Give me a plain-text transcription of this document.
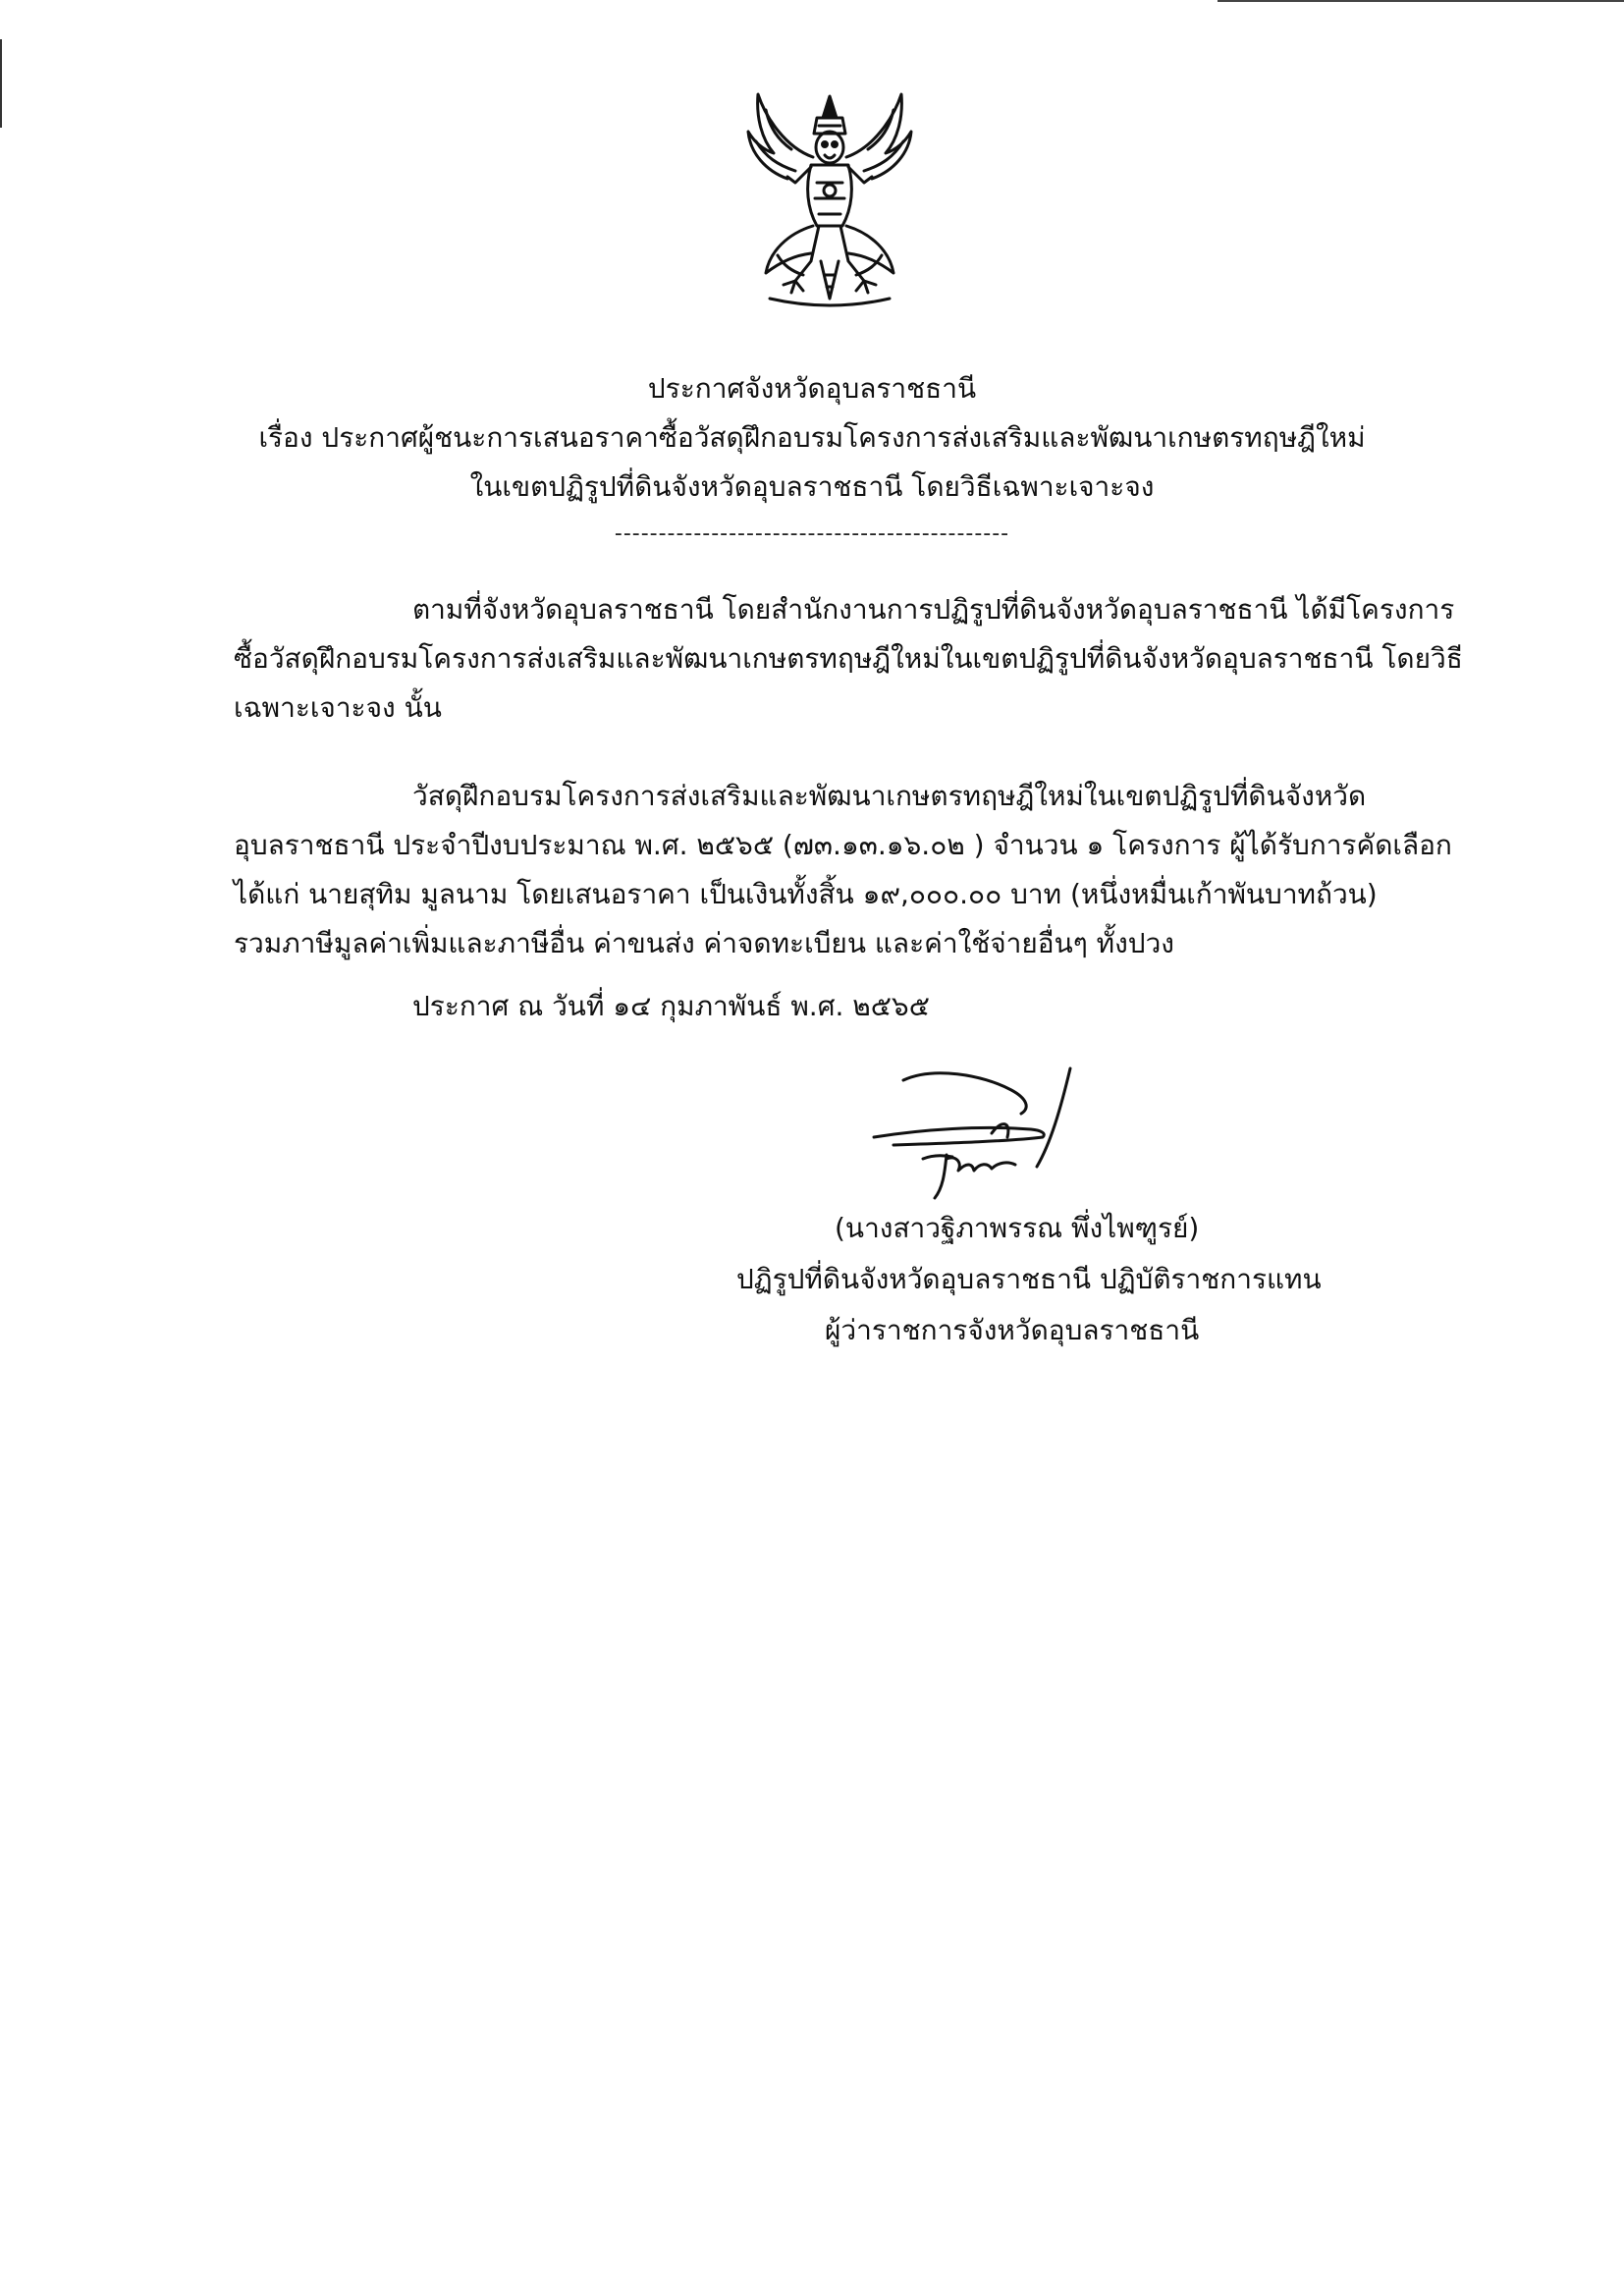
ประกาศจังหวัดอุบลราชธานี
เรื่อง ประกาศผู้ชนะการเสนอราคาซื้อวัสดุฝึกอบรมโครงการส่งเสริมและพัฒนาเกษตรทฤษฎีใหม่
ในเขตปฏิรูปที่ดินจังหวัดอุบลราชธานี โดยวิธีเฉพาะเจาะจง
---------------------------------------------
ตามที่จังหวัดอุบลราชธานี โดยสำนักงานการปฏิรูปที่ดินจังหวัดอุบลราชธานี ได้มีโครงการ
ซื้อวัสดุฝึกอบรมโครงการส่งเสริมและพัฒนาเกษตรทฤษฎีใหม่ในเขตปฏิรูปที่ดินจังหวัดอุบลราชธานี โดยวิธี
เฉพาะเจาะจง นั้น
วัสดุฝึกอบรมโครงการส่งเสริมและพัฒนาเกษตรทฤษฎีใหม่ในเขตปฏิรูปที่ดินจังหวัด
อุบลราชธานี ประจำปีงบประมาณ พ.ศ. ๒๕๖๕ (๗๓.๑๓.๑๖.๐๒ ) จำนวน ๑ โครงการ ผู้ได้รับการคัดเลือก
ได้แก่ นายสุทิม มูลนาม โดยเสนอราคา เป็นเงินทั้งสิ้น ๑๙,๐๐๐.๐๐ บาท (หนึ่งหมื่นเก้าพันบาทถ้วน)
รวมภาษีมูลค่าเพิ่มและภาษีอื่น ค่าขนส่ง ค่าจดทะเบียน และค่าใช้จ่ายอื่นๆ ทั้งปวง
ประกาศ ณ วันที่ ๑๔ กุมภาพันธ์ พ.ศ. ๒๕๖๕
(นางสาวฐิภาพรรณ พึ่งไพฑูรย์)
ปฏิรูปที่ดินจังหวัดอุบลราชธานี ปฏิบัติราชการแทน
ผู้ว่าราชการจังหวัดอุบลราชธานี
